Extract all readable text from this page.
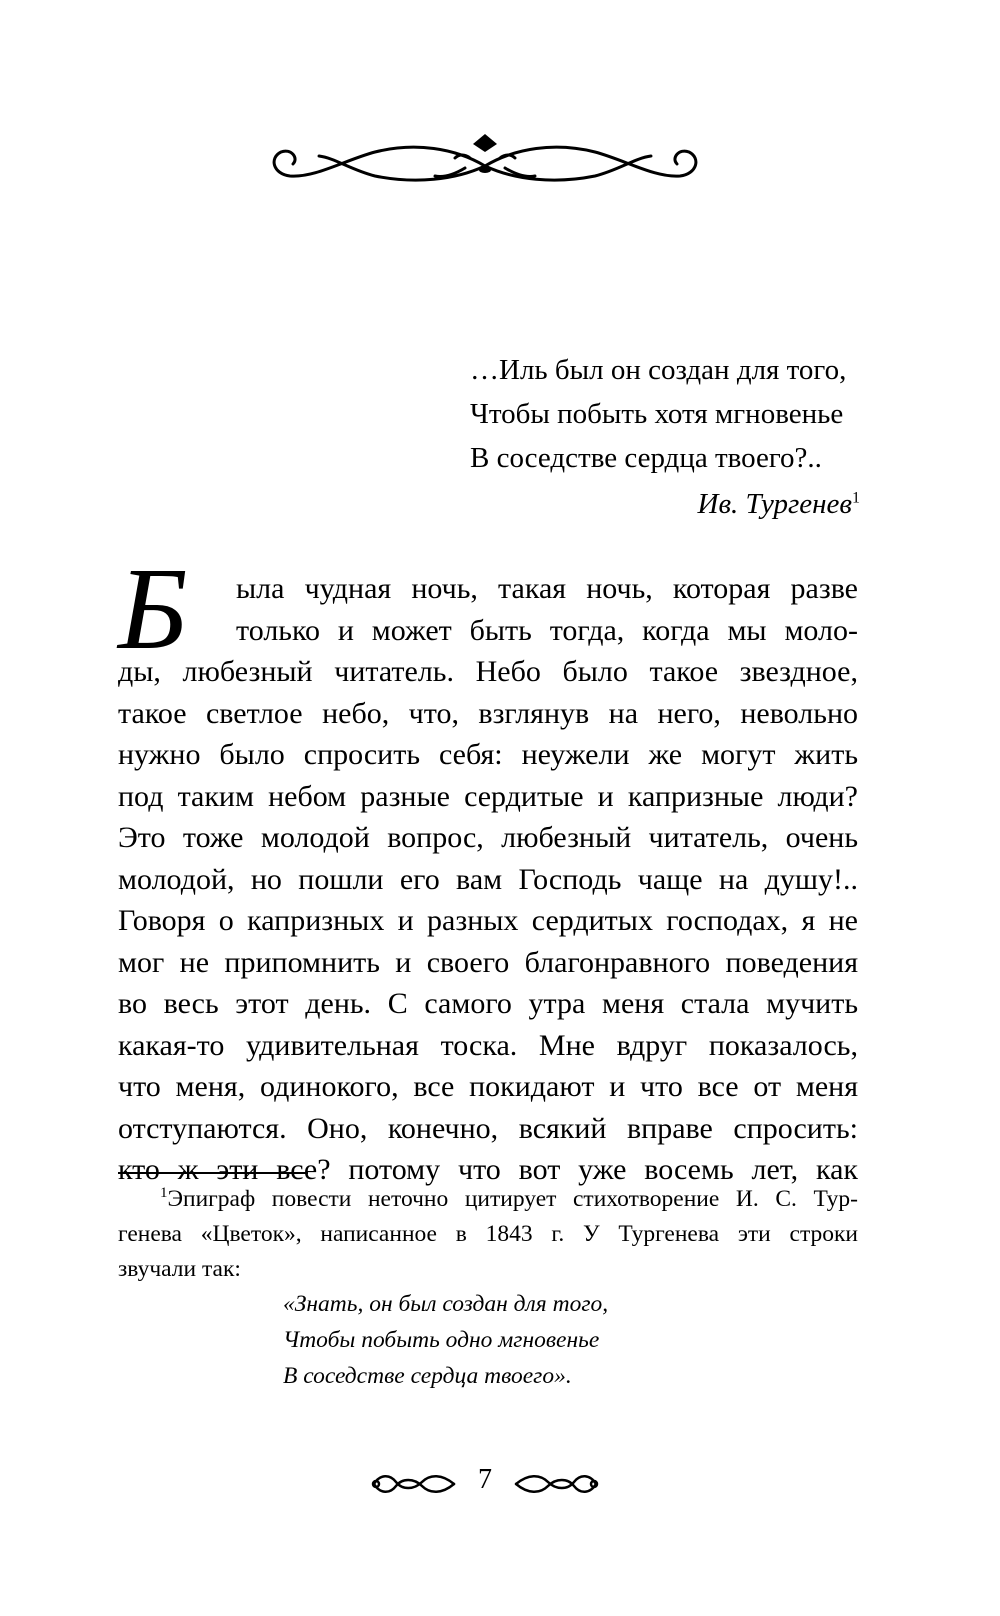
…Иль был он создан для того,
Чтобы побыть хотя мгновенье
В соседстве сердца твоего?..
Ив. Тургенев$^1$
Б ыла чудная ночь, такая ночь, которая разве
только и может быть тогда, когда мы моло-
ды, любезный читатель. Небо было такое звездное,
такое светлое небо, что, взглянув на него, невольно
нужно было спросить себя: неужели же могут жить
под таким небом разные сердитые и капризные люди?
Это тоже молодой вопрос, любезный читатель, очень
молодой, но пошли его вам Господь чаще на душу!..
Говоря о капризных и разных сердитых господах, я не
мог не припомнить и своего благонравного поведения
во весь этот день. С самого утра меня стала мучить
какая-то удивительная тоска. Мне вдруг показалось,
что меня, одинокого, все покидают и что все от меня
отступаются. Оно, конечно, всякий вправе спросить:
кто ж эти все? потому что вот уже восемь лет, как
$^1$Эпиграф повести неточно цитирует стихотворение И. С. Тур-
генева «Цветок», написанное в 1843 г. У Тургенева эти строки
звучали так:
«Знать, он был создан для того,
Чтобы побыть одно мгновенье
В соседстве сердца твоего».
7
